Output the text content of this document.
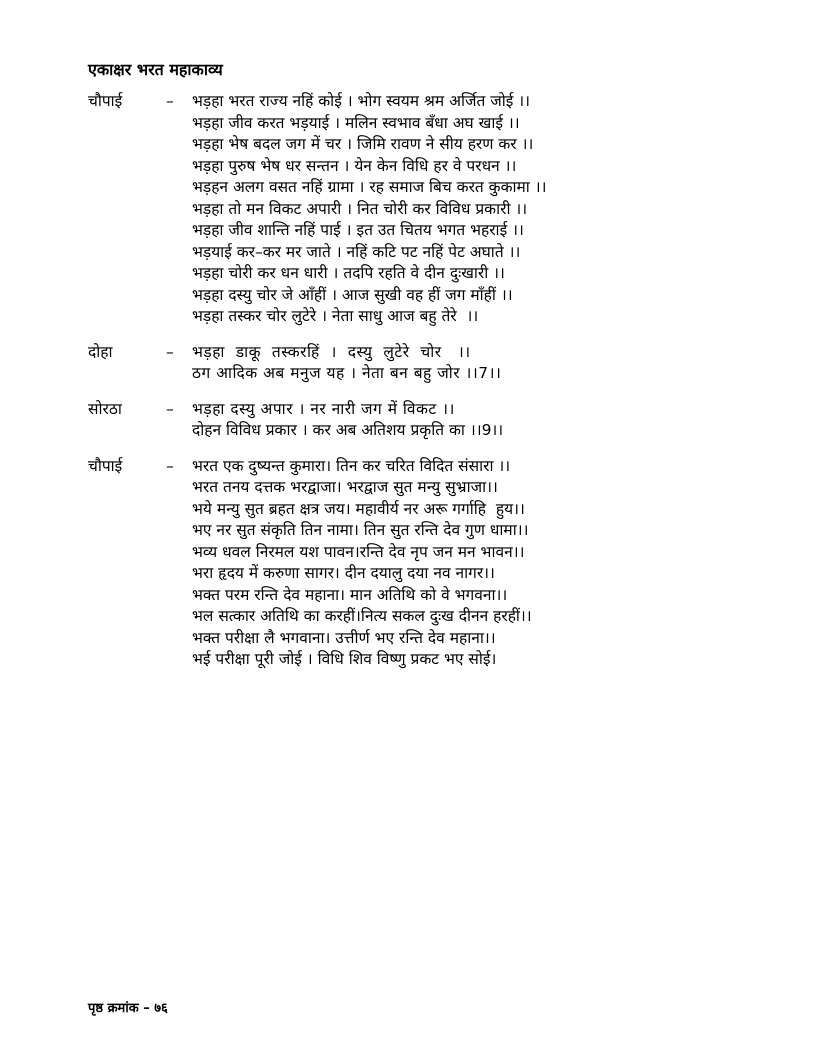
एकाक्षर भरत महाकाव्य
चौपाई	–	भड़हा भरत राज्य नहिं कोई । भोग स्वयम श्रम अर्जित जोई ।।
भड़हा जीव करत भड़याई । मलिन स्वभाव बँधा अघ खाई ।।
भड़हा भेष बदल जग में चर । जिमि रावण ने सीय हरण कर ।।
भड़हा पुरुष भेष धर सन्तन । येन केन विधि हर वे परधन ।।
भड़हन अलग वसत नहिं ग्रामा । रह समाज बिच करत कुकामा ।।
भड़हा तो मन विकट अपारी । नित चोरी कर विविध प्रकारी ।।
भड़हा जीव शान्ति नहिं पाई । इत उत चितय भगत भहराई ।।
भड़याई कर–कर मर जाते । नहिं कटि पट नहिं पेट अघाते ।।
भड़हा चोरी कर धन धारी । तदपि रहति वे दीन दुःखारी ।।
भड़हा दस्यु चोर जे आँहीं । आज सुखी वह हीं जग माँहीं ।।
भड़हा तस्कर चोर लुटेरे । नेता साधु आज बहु तेरे  ।।
दोहा	–	भड़हा  डाकू  तस्करहिं  ।  दस्यु  लुटेरे  चोर   ।।
ठग आदिक अब मनुज यह । नेता बन बहु जोर ।।7।।
सोरठा	–	भड़हा दस्यु अपार । नर नारी जग में विकट ।।
दोहन विविध प्रकार । कर अब अतिशय प्रकृति का ।।9।।
चौपाई	–	भरत एक दुष्यन्त कुमारा। तिन कर चरित विदित संसारा ।।
भरत तनय दत्तक भरद्वाजा। भरद्वाज सुत मन्यु सुभ्राजा।।
भये मन्यु सुत ब्रहत क्षत्र जय। महावीर्य नर अरू गर्गाहि  हुय।।
भए नर सुत संकृति तिन नामा। तिन सुत रन्ति देव गुण धामा।।
भव्य धवल निरमल यश पावन।रन्ति देव नृप जन मन भावन।।
भरा हृदय में करुणा सागर। दीन दयालु दया नव नागर।।
भक्त परम रन्ति देव महाना। मान अतिथि को वे भगवना।।
भल सत्कार अतिथि का करहीं।नित्य सकल दुःख दीनन हरहीं।।
भक्त परीक्षा लै भगवाना। उत्तीर्ण भए रन्ति देव महाना।।
भई परीक्षा पूरी जोई । विधि शिव विष्णु प्रकट भए सोई।
पृष्ठ क्रमांक – ७६
